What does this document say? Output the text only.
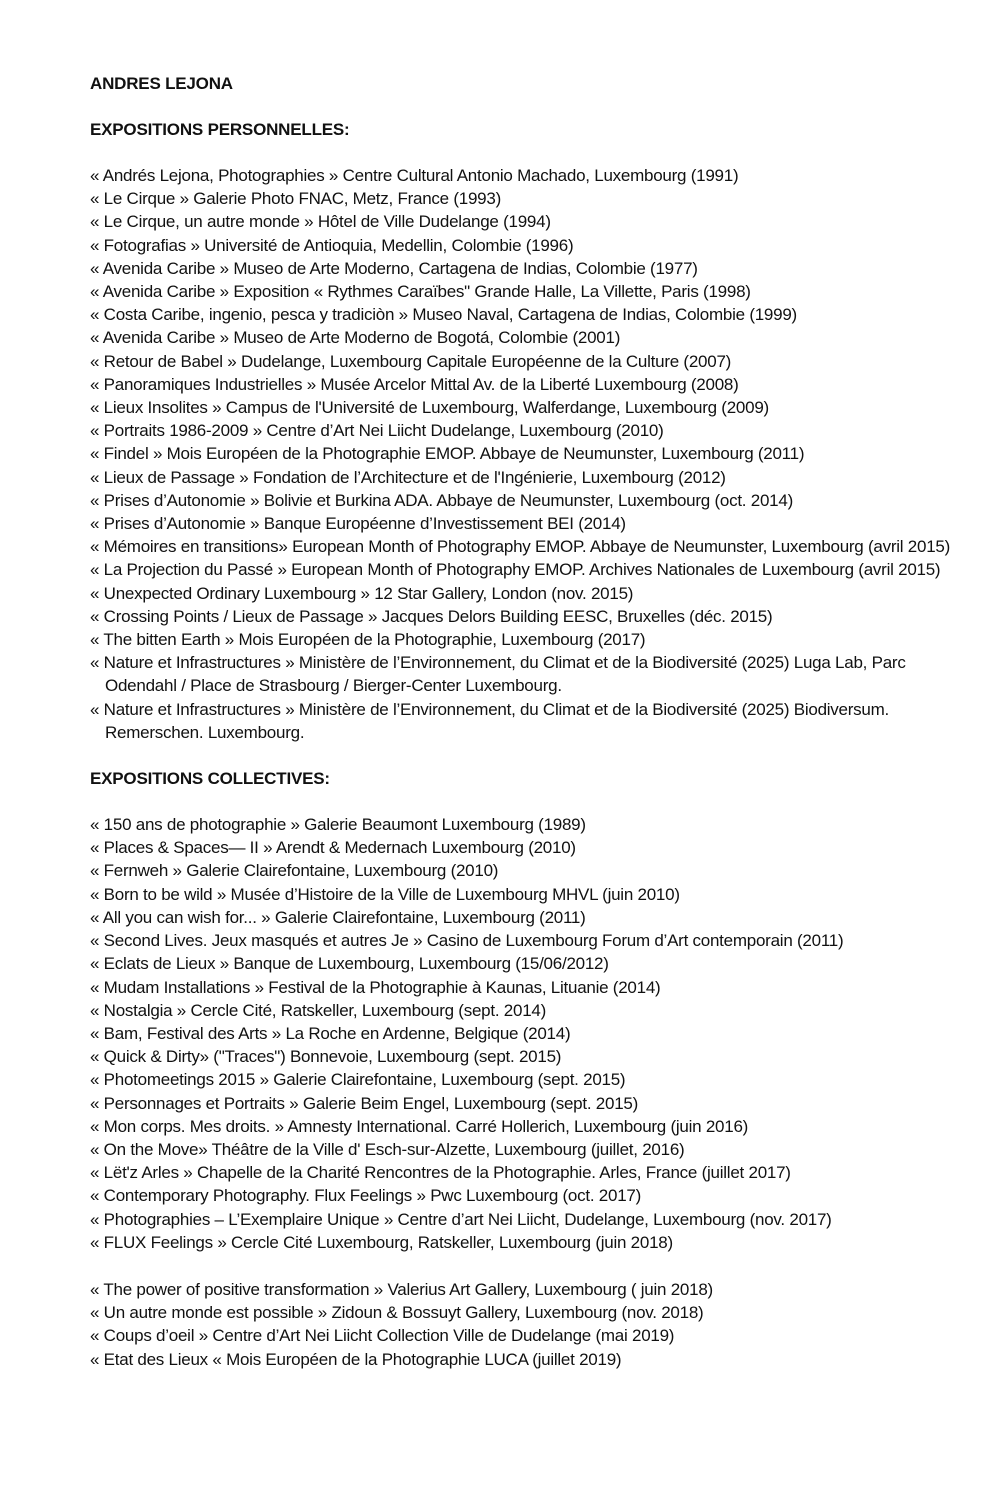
ANDRES LEJONA
EXPOSITIONS PERSONNELLES:
« Andrés Lejona, Photographies » Centre Cultural Antonio Machado, Luxembourg (1991)
« Le Cirque » Galerie Photo FNAC, Metz, France (1993)
« Le Cirque, un autre monde » Hôtel de Ville Dudelange (1994)
« Fotografias » Université de Antioquia, Medellin, Colombie (1996)
« Avenida Caribe » Museo de Arte Moderno, Cartagena de Indias, Colombie (1977)
« Avenida Caribe » Exposition « Rythmes Caraïbes" Grande Halle, La Villette, Paris (1998)
« Costa Caribe, ingenio, pesca y tradiciòn » Museo Naval, Cartagena de Indias, Colombie (1999)
« Avenida Caribe » Museo de Arte Moderno de Bogotá, Colombie (2001)
« Retour de Babel » Dudelange, Luxembourg Capitale Européenne de la Culture (2007)
« Panoramiques Industrielles » Musée Arcelor Mittal Av. de la Liberté Luxembourg (2008)
« Lieux Insolites » Campus de l'Université de Luxembourg, Walferdange, Luxembourg (2009)
« Portraits 1986-2009 » Centre d’Art Nei Liicht Dudelange, Luxembourg (2010)
« Findel » Mois Européen de la Photographie EMOP. Abbaye de Neumunster, Luxembourg (2011)
« Lieux de Passage » Fondation de l’Architecture et de l'Ingénierie, Luxembourg (2012)
« Prises d’Autonomie » Bolivie et Burkina ADA. Abbaye de Neumunster, Luxembourg (oct. 2014)
« Prises d’Autonomie » Banque Européenne d’Investissement BEI (2014)
« Mémoires en transitions» European Month of Photography EMOP. Abbaye de Neumunster, Luxembourg (avril 2015)
« La Projection du Passé » European Month of Photography EMOP. Archives Nationales de Luxembourg (avril 2015)
« Unexpected Ordinary Luxembourg » 12 Star Gallery, London (nov. 2015)
« Crossing Points / Lieux de Passage » Jacques Delors Building EESC, Bruxelles (déc. 2015)
« The bitten Earth » Mois Européen de la Photographie, Luxembourg (2017)
« Nature et Infrastructures » Ministère de l’Environnement, du Climat et de la Biodiversité (2025) Luga Lab, Parc Odendahl / Place de Strasbourg / Bierger-Center Luxembourg.
« Nature et Infrastructures » Ministère de l’Environnement, du Climat et de la Biodiversité (2025) Biodiversum. Remerschen. Luxembourg.
EXPOSITIONS COLLECTIVES:
« 150 ans de photographie » Galerie Beaumont Luxembourg (1989)
« Places & Spaces— II » Arendt & Medernach Luxembourg (2010)
« Fernweh » Galerie Clairefontaine, Luxembourg (2010)
« Born to be wild » Musée d’Histoire de la Ville de Luxembourg MHVL (juin 2010)
« All you can wish for... » Galerie Clairefontaine, Luxembourg (2011)
« Second Lives. Jeux masqués et autres Je » Casino de Luxembourg Forum d’Art contemporain (2011)
« Eclats de Lieux » Banque de Luxembourg, Luxembourg (15/06/2012)
« Mudam Installations » Festival de la Photographie à Kaunas, Lituanie (2014)
« Nostalgia » Cercle Cité, Ratskeller, Luxembourg (sept. 2014)
« Bam, Festival des Arts » La Roche en Ardenne, Belgique (2014)
« Quick & Dirty» ("Traces") Bonnevoie, Luxembourg (sept. 2015)
« Photomeetings 2015 » Galerie Clairefontaine, Luxembourg (sept. 2015)
« Personnages et Portraits » Galerie Beim Engel, Luxembourg (sept. 2015)
« Mon corps. Mes droits. » Amnesty International. Carré Hollerich, Luxembourg (juin 2016)
« On the Move» Théâtre de la Ville d' Esch-sur-Alzette, Luxembourg (juillet, 2016)
« Lët'z Arles » Chapelle de la Charité Rencontres de la Photographie. Arles, France (juillet 2017)
« Contemporary Photography. Flux Feelings » Pwc Luxembourg (oct. 2017)
« Photographies – L’Exemplaire Unique » Centre d’art Nei Liicht, Dudelange, Luxembourg (nov. 2017)
« FLUX Feelings » Cercle Cité Luxembourg, Ratskeller, Luxembourg (juin 2018)
« The power of positive transformation » Valerius Art Gallery, Luxembourg ( juin 2018)
« Un autre monde est possible » Zidoun & Bossuyt Gallery, Luxembourg (nov. 2018)
« Coups d’oeil » Centre d’Art Nei Liicht Collection Ville de Dudelange (mai 2019)
« Etat des Lieux « Mois Européen de la Photographie LUCA (juillet 2019)
